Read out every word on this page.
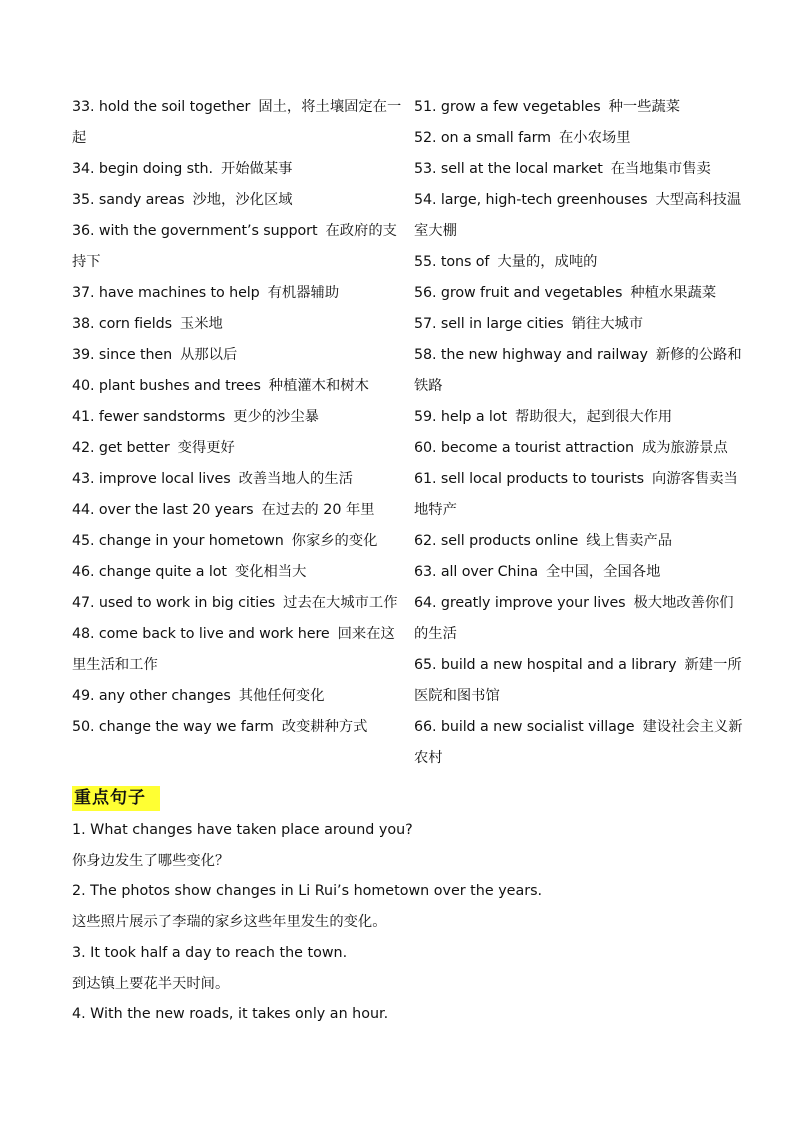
33. hold the soil together 固土，将土壤固定在一起
34. begin doing sth. 开始做某事
35. sandy areas 沙地，沙化区域
36. with the government’s support 在政府的支持下
37. have machines to help 有机器辅助
38. corn fields 玉米地
39. since then 从那以后
40. plant bushes and trees 种植灌木和树木
41. fewer sandstorms 更少的沙尘暴
42. get better 变得更好
43. improve local lives 改善当地人的生活
44. over the last 20 years 在过去的 20 年里
45. change in your hometown 你家乡的变化
46. change quite a lot 变化相当大
47. used to work in big cities 过去在大城市工作
48. come back to live and work here 回来在这里生活和工作
49. any other changes 其他任何变化
50. change the way we farm 改变耕种方式
51. grow a few vegetables 种一些蔬菜
52. on a small farm 在小农场里
53. sell at the local market 在当地集市售卖
54. large, high-tech greenhouses 大型高科技温室大棚
55. tons of 大量的，成吨的
56. grow fruit and vegetables 种植水果蔬菜
57. sell in large cities 销往大城市
58. the new highway and railway 新修的公路和铁路
59. help a lot 帮助很大，起到很大作用
60. become a tourist attraction 成为旅游景点
61. sell local products to tourists 向游客售卖当地特产
62. sell products online 线上售卖产品
63. all over China 全中国，全国各地
64. greatly improve your lives 极大地改善你们的生活
65. build a new hospital and a library 新建一所医院和图书馆
66. build a new socialist village 建设社会主义新农村
重点句子
1. What changes have taken place around you?
你身边发生了哪些变化？
2. The photos show changes in Li Rui’s hometown over the years.
这些照片展示了李瑞的家乡这些年里发生的变化。
3. It took half a day to reach the town.
到达镇上要花半天时间。
4. With the new roads, it takes only an hour.
